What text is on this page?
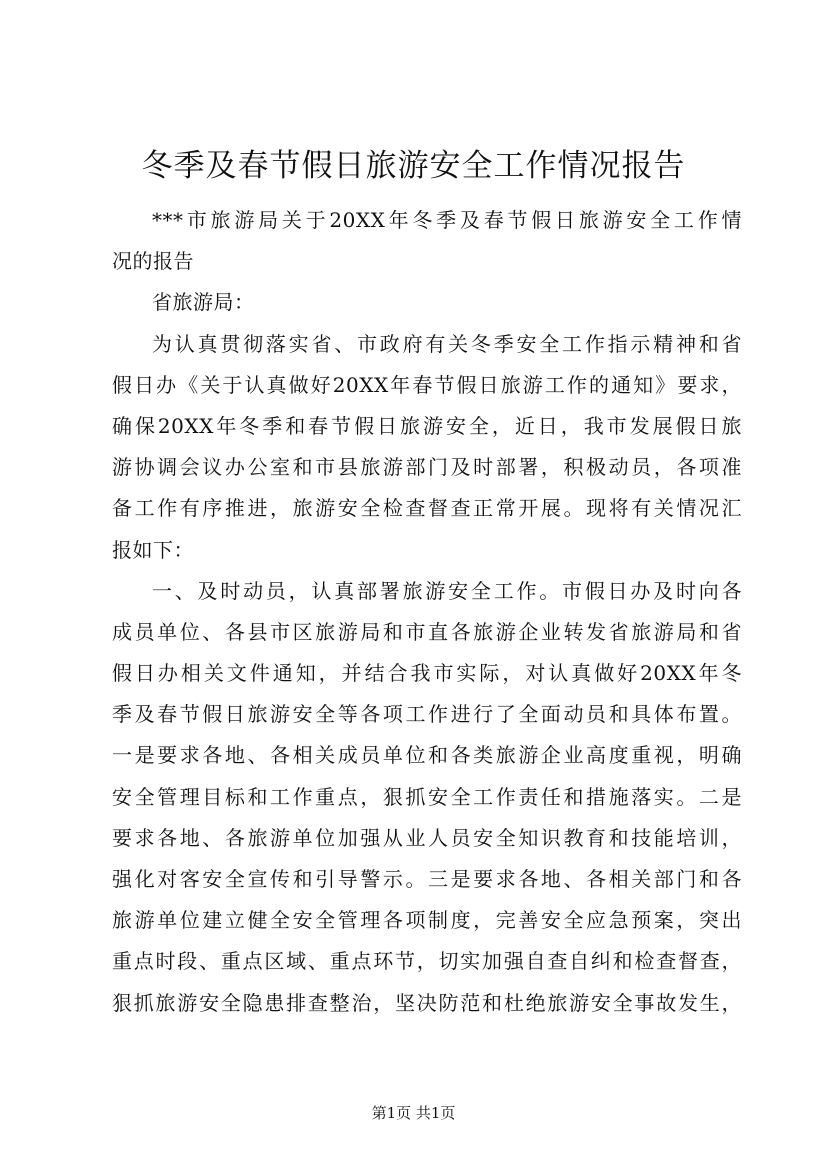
冬季及春节假日旅游安全工作情况报告
***市旅游局关于20XX年冬季及春节假日旅游安全工作情
况的报告
省旅游局：
为认真贯彻落实省、市政府有关冬季安全工作指示精神和省
假日办《关于认真做好20XX年春节假日旅游工作的通知》要求，
确保20XX年冬季和春节假日旅游安全，近日，我市发展假日旅
游协调会议办公室和市县旅游部门及时部署，积极动员，各项准
备工作有序推进，旅游安全检查督查正常开展。现将有关情况汇
报如下：
一、及时动员，认真部署旅游安全工作。市假日办及时向各
成员单位、各县市区旅游局和市直各旅游企业转发省旅游局和省
假日办相关文件通知，并结合我市实际，对认真做好20XX年冬
季及春节假日旅游安全等各项工作进行了全面动员和具体布置。
一是要求各地、各相关成员单位和各类旅游企业高度重视，明确
安全管理目标和工作重点，狠抓安全工作责任和措施落实。二是
要求各地、各旅游单位加强从业人员安全知识教育和技能培训，
强化对客安全宣传和引导警示。三是要求各地、各相关部门和各
旅游单位建立健全安全管理各项制度，完善安全应急预案，突出
重点时段、重点区域、重点环节，切实加强自查自纠和检查督查，
狠抓旅游安全隐患排查整治，坚决防范和杜绝旅游安全事故发生，
第1页 共1页
